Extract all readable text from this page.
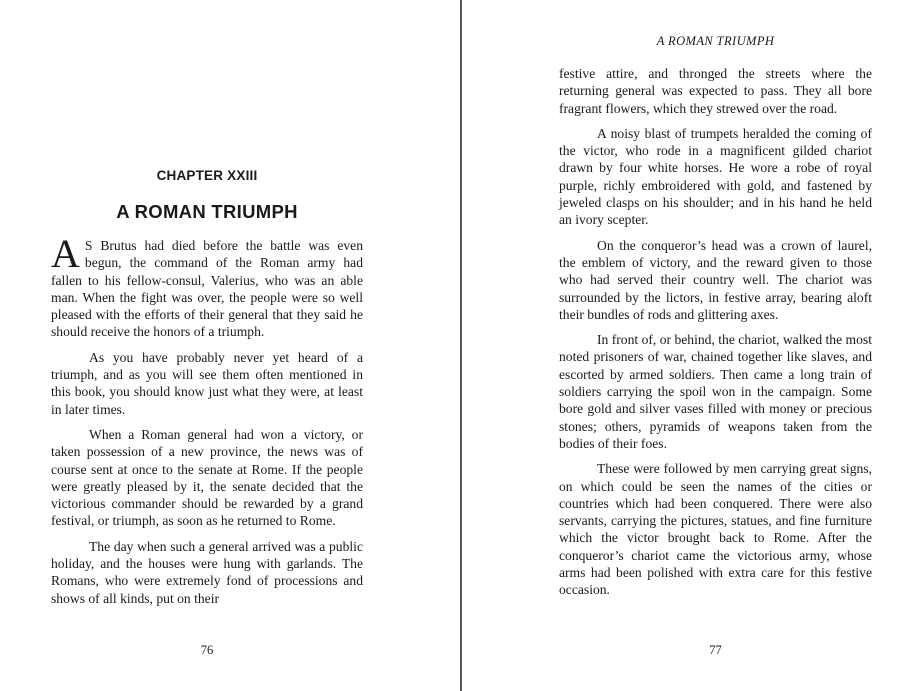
CHAPTER XXIII
A ROMAN TRIUMPH

A S Brutus had died before the battle was even begun, the command of the Roman army had fallen to his fellow-consul, Valerius, who was an able man. When the fight was over, the people were so well pleased with the efforts of their general that they said he should receive the honors of a triumph.

As you have probably never yet heard of a triumph, and as you will see them often mentioned in this book, you should know just what they were, at least in later times.

When a Roman general had won a victory, or taken possession of a new province, the news was of course sent at once to the senate at Rome. If the people were greatly pleased by it, the senate decided that the victorious commander should be rewarded by a grand festival, or triumph, as soon as he returned to Rome.

The day when such a general arrived was a public holiday, and the houses were hung with garlands. The Romans, who were extremely fond of processions and shows of all kinds, put on their

76
A ROMAN TRIUMPH

festive attire, and thronged the streets where the returning general was expected to pass. They all bore fragrant flowers, which they strewed over the road.

A noisy blast of trumpets heralded the coming of the victor, who rode in a magnificent gilded chariot drawn by four white horses. He wore a robe of royal purple, richly embroidered with gold, and fastened by jeweled clasps on his shoulder; and in his hand he held an ivory scepter.

On the conqueror’s head was a crown of laurel, the emblem of victory, and the reward given to those who had served their country well. The chariot was surrounded by the lictors, in festive array, bearing aloft their bundles of rods and glittering axes.

In front of, or behind, the chariot, walked the most noted prisoners of war, chained together like slaves, and escorted by armed soldiers. Then came a long train of soldiers carrying the spoil won in the campaign. Some bore gold and silver vases filled with money or precious stones; others, pyramids of weapons taken from the bodies of their foes.

These were followed by men carrying great signs, on which could be seen the names of the cities or countries which had been conquered. There were also servants, carrying the pictures, statues, and fine furniture which the victor brought back to Rome. After the conqueror’s chariot came the victorious army, whose arms had been polished with extra care for this festive occasion.

77
